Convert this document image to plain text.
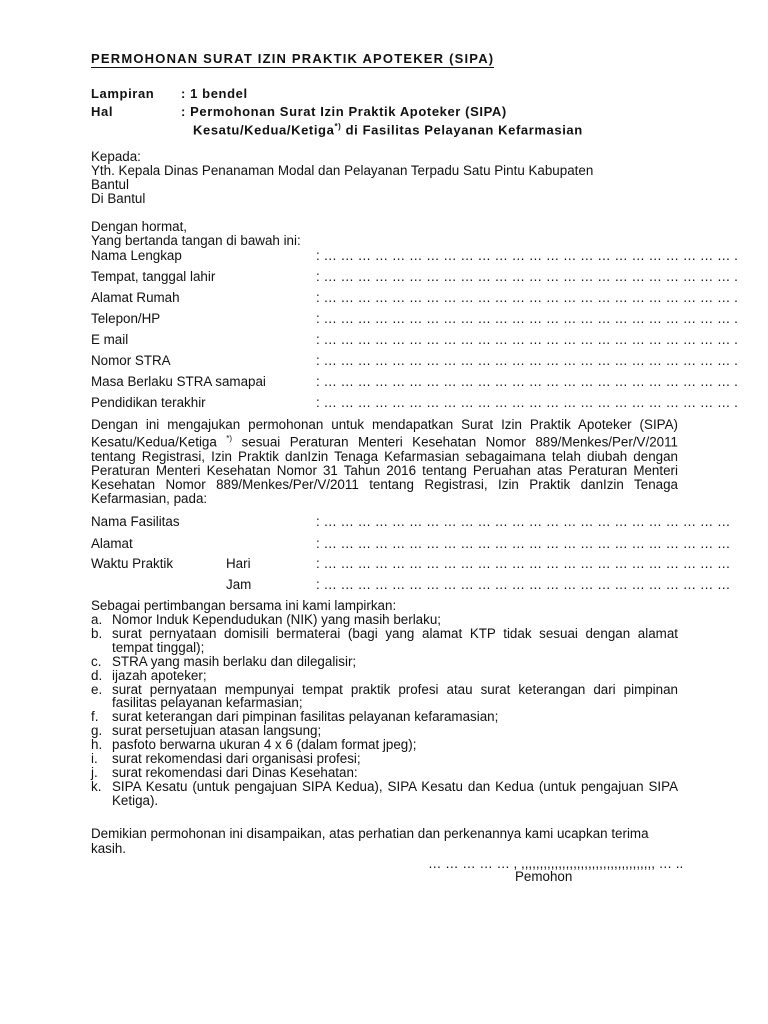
PERMOHONAN SURAT IZIN PRAKTIK APOTEKER (SIPA)
Lampiran : 1 bendel
Hal	: Permohonan Surat Izin Praktik Apoteker (SIPA)
Kesatu/Kedua/Ketiga*) di Fasilitas Pelayanan Kefarmasian
Kepada:
Yth. Kepala Dinas Penanaman Modal dan Pelayanan Terpadu Satu Pintu Kabupaten
Bantul
Di Bantul
Dengan hormat,
Yang bertanda tangan di bawah ini:
Nama Lengkap	: … … … … … … … … … … … … … … … … … … … … … … … … .
Tempat, tanggal lahir	: … … … … … … … … … … … … … … … … … … … … … … … … .
Alamat Rumah	: … … … … … … … … … … … … … … … … … … … … … … … … .
Telepon/HP	: … … … … … … … … … … … … … … … … … … … … … … … … .
E mail	: … … … … … … … … … … … … … … … … … … … … … … … … .
Nomor STRA	: … … … … … … … … … … … … … … … … … … … … … … … … .
Masa Berlaku STRA samapai	: … … … … … … … … … … … … … … … … … … … … … … … … .
Pendidikan terakhir	: … … … … … … … … … … … … … … … … … … … … … … … … .
Dengan ini mengajukan permohonan untuk mendapatkan Surat Izin Praktik Apoteker (SIPA) Kesatu/Kedua/Ketiga *) sesuai Peraturan Menteri Kesehatan Nomor 889/Menkes/Per/V/2011 tentang Registrasi, Izin Praktik danIzin Tenaga Kefarmasian sebagaimana telah diubah dengan Peraturan Menteri Kesehatan Nomor 31 Tahun 2016 tentang Peruahan atas Peraturan Menteri Kesehatan Nomor 889/Menkes/Per/V/2011 tentang Registrasi, Izin Praktik danIzin Tenaga Kefarmasian, pada:
Nama Fasilitas	: … … … … … … … … … … … … … … … … … … … … … … … …
Alamat	: … … … … … … … … … … … … … … … … … … … … … … … …
Waktu Praktik	Hari	: … … … … … … … … … … … … … … … … … … … … … … … …
Jam	: … … … … … … … … … … … … … … … … … … … … … … … …
Sebagai pertimbangan bersama ini kami lampirkan:
a. Nomor Induk Kependudukan (NIK) yang masih berlaku;
b. surat pernyataan domisili bermaterai (bagi yang alamat KTP tidak sesuai dengan alamat tempat tinggal);
c. STRA yang masih berlaku dan dilegalisir;
d. ijazah apoteker;
e. surat pernyataan mempunyai tempat praktik profesi atau surat keterangan dari pimpinan fasilitas pelayanan kefarmasian;
f. surat keterangan dari pimpinan fasilitas pelayanan kefaramasian;
g. surat persetujuan atasan langsung;
h. pasfoto berwarna ukuran 4 x 6 (dalam format jpeg);
i. surat rekomendasi dari organisasi profesi;
j. surat rekomendasi dari Dinas Kesehatan:
k. SIPA Kesatu (untuk pengajuan SIPA Kedua), SIPA Kesatu dan Kedua (untuk pengajuan SIPA Ketiga).
Demikian permohonan ini disampaikan, atas perhatian dan perkenannya kami ucapkan terima kasih.
… … … … … , ,,,,,,,,,,,,,,,,,,,,,,,,,,,,,,,,,,,, … ..
Pemohon
